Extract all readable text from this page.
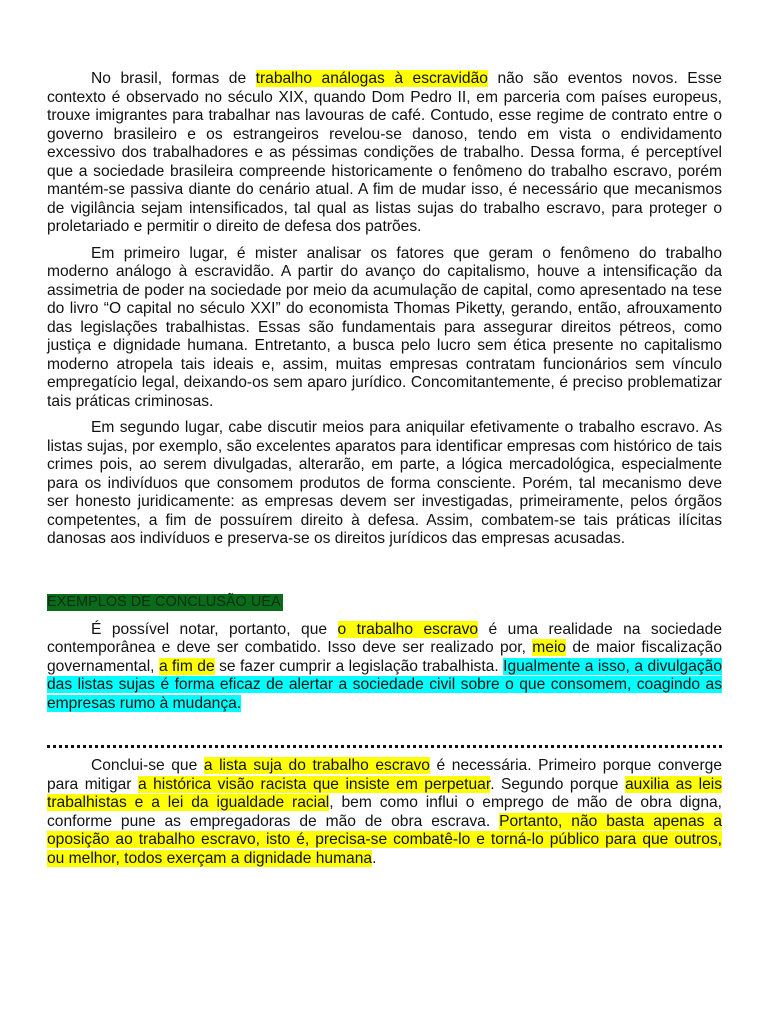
No brasil, formas de trabalho análogas à escravidão não são eventos novos. Esse contexto é observado no século XIX, quando Dom Pedro II, em parceria com países europeus, trouxe imigrantes para trabalhar nas lavouras de café. Contudo, esse regime de contrato entre o governo brasileiro e os estrangeiros revelou-se danoso, tendo em vista o endividamento excessivo dos trabalhadores e as péssimas condições de trabalho. Dessa forma, é perceptível que a sociedade brasileira compreende historicamente o fenômeno do trabalho escravo, porém mantém-se passiva diante do cenário atual. A fim de mudar isso, é necessário que mecanismos de vigilância sejam intensificados, tal qual as listas sujas do trabalho escravo, para proteger o proletariado e permitir o direito de defesa dos patrões.

Em primeiro lugar, é mister analisar os fatores que geram o fenômeno do trabalho moderno análogo à escravidão. A partir do avanço do capitalismo, houve a intensificação da assimetria de poder na sociedade por meio da acumulação de capital, como apresentado na tese do livro “O capital no século XXI” do economista Thomas Piketty, gerando, então, afrouxamento das legislações trabalhistas. Essas são fundamentais para assegurar direitos pétreos, como justiça e dignidade humana. Entretanto, a busca pelo lucro sem ética presente no capitalismo moderno atropela tais ideais e, assim, muitas empresas contratam funcionários sem vínculo empregatício legal, deixando-os sem aparo jurídico. Concomitantemente, é preciso problematizar tais práticas criminosas.

Em segundo lugar, cabe discutir meios para aniquilar efetivamente o trabalho escravo. As listas sujas, por exemplo, são excelentes aparatos para identificar empresas com histórico de tais crimes pois, ao serem divulgadas, alterarão, em parte, a lógica mercadológica, especialmente para os indivíduos que consomem produtos de forma consciente. Porém, tal mecanismo deve ser honesto juridicamente: as empresas devem ser investigadas, primeiramente, pelos órgãos competentes, a fim de possuírem direito à defesa. Assim, combatem-se tais práticas ilícitas danosas aos indivíduos e preserva-se os direitos jurídicos das empresas acusadas.

EXEMPLOS DE CONCLUSÃO UEA

É possível notar, portanto, que o trabalho escravo é uma realidade na sociedade contemporânea e deve ser combatido. Isso deve ser realizado por, meio de maior fiscalização governamental, a fim de se fazer cumprir a legislação trabalhista. Igualmente a isso, a divulgação das listas sujas é forma eficaz de alertar a sociedade civil sobre o que consomem, coagindo as empresas rumo à mudança.

Conclui-se que a lista suja do trabalho escravo é necessária. Primeiro porque converge para mitigar a histórica visão racista que insiste em perpetuar. Segundo porque auxilia as leis trabalhistas e a lei da igualdade racial, bem como influi o emprego de mão de obra digna, conforme pune as empregadoras de mão de obra escrava. Portanto, não basta apenas a oposição ao trabalho escravo, isto é, precisa-se combatê-lo e torná-lo público para que outros, ou melhor, todos exerçam a dignidade humana.
